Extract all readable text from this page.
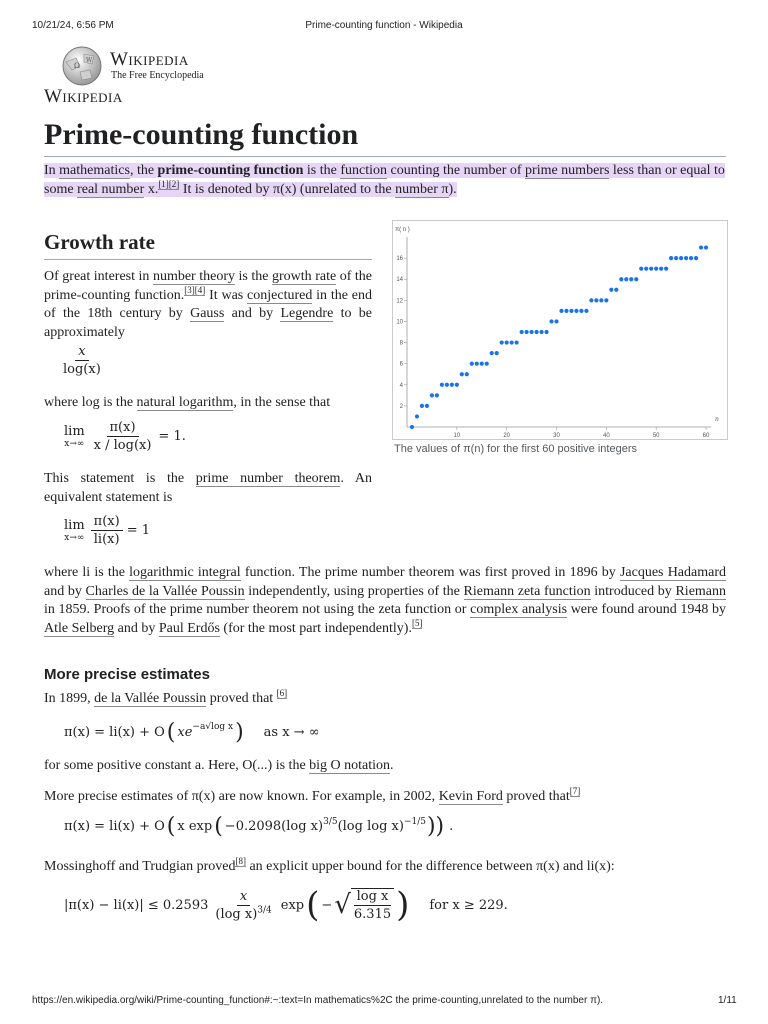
10/21/24, 6:56 PM	Prime-counting function - Wikipedia
Ω
W Wikipedia
The Free Encyclopedia
Wikipedia
Prime-counting function
In mathematics, the prime-counting function is the function counting the number of prime numbers less than or equal to some real number x.[1][2] It is denoted by π(x) (unrelated to the number π).
Growth rate
Of great interest in number theory is the growth rate of the prime-counting function.[3][4] It was conjectured in the end of the 18th century by Gauss and by Legendre to be approximately
$\frac{x}{\log(x)}$
where log is the natural logarithm, in the sense that
lim
$x\to\infty \frac{\pi(x)}{x / \log(x)} = 1$.
This statement is the prime number theorem. An equivalent statement is
lim
$x\to\infty \frac{\pi(x)}{li(x)} = 1$
where li is the logarithmic integral function. The prime number theorem was first proved in 1896 by Jacques Hadamard and by Charles de la Vallée Poussin independently, using properties of the Riemann zeta function introduced by Riemann in 1859. Proofs of the prime number theorem not using the zeta function or complex analysis were found around 1948 by Atle Selberg and by Paul Erdős (for the most part independently).[5]
10	20	30	40	50	60
2
4
6
8
10
12
14
16
π( n )
n
The values of π(n) for the first 60 positive integers
More precise estimates
In 1899, de la Vallée Poussin proved that [6]
π(x) = li(x) + O ( $xe^{-a√log x}$ ) as x → ∞
for some positive constant a. Here, O(...) is the big O notation.
More precise estimates of π(x) are now known. For example, in 2002, Kevin Ford proved that[7]
π(x) = li(x) + O ( x exp ( −0.2098(log x)$^{3/5}$ (log log x)$^{-1/5}$ )) .
Mossinghoff and Trudgian proved[8] an explicit upper bound for the difference between π(x) and li(x):
$|\pi(x) - li(x)| \le 0.2593 \frac{x}{(\log x)^{3/4}}$ exp ( − √ $\frac{\text{log x}}{6.315}$ ) for x ≥ 229.
https://en.wikipedia.org/wiki/Prime-counting_function#:~:text=In mathematics%2C the prime-counting,unrelated to the number π).	1/11
